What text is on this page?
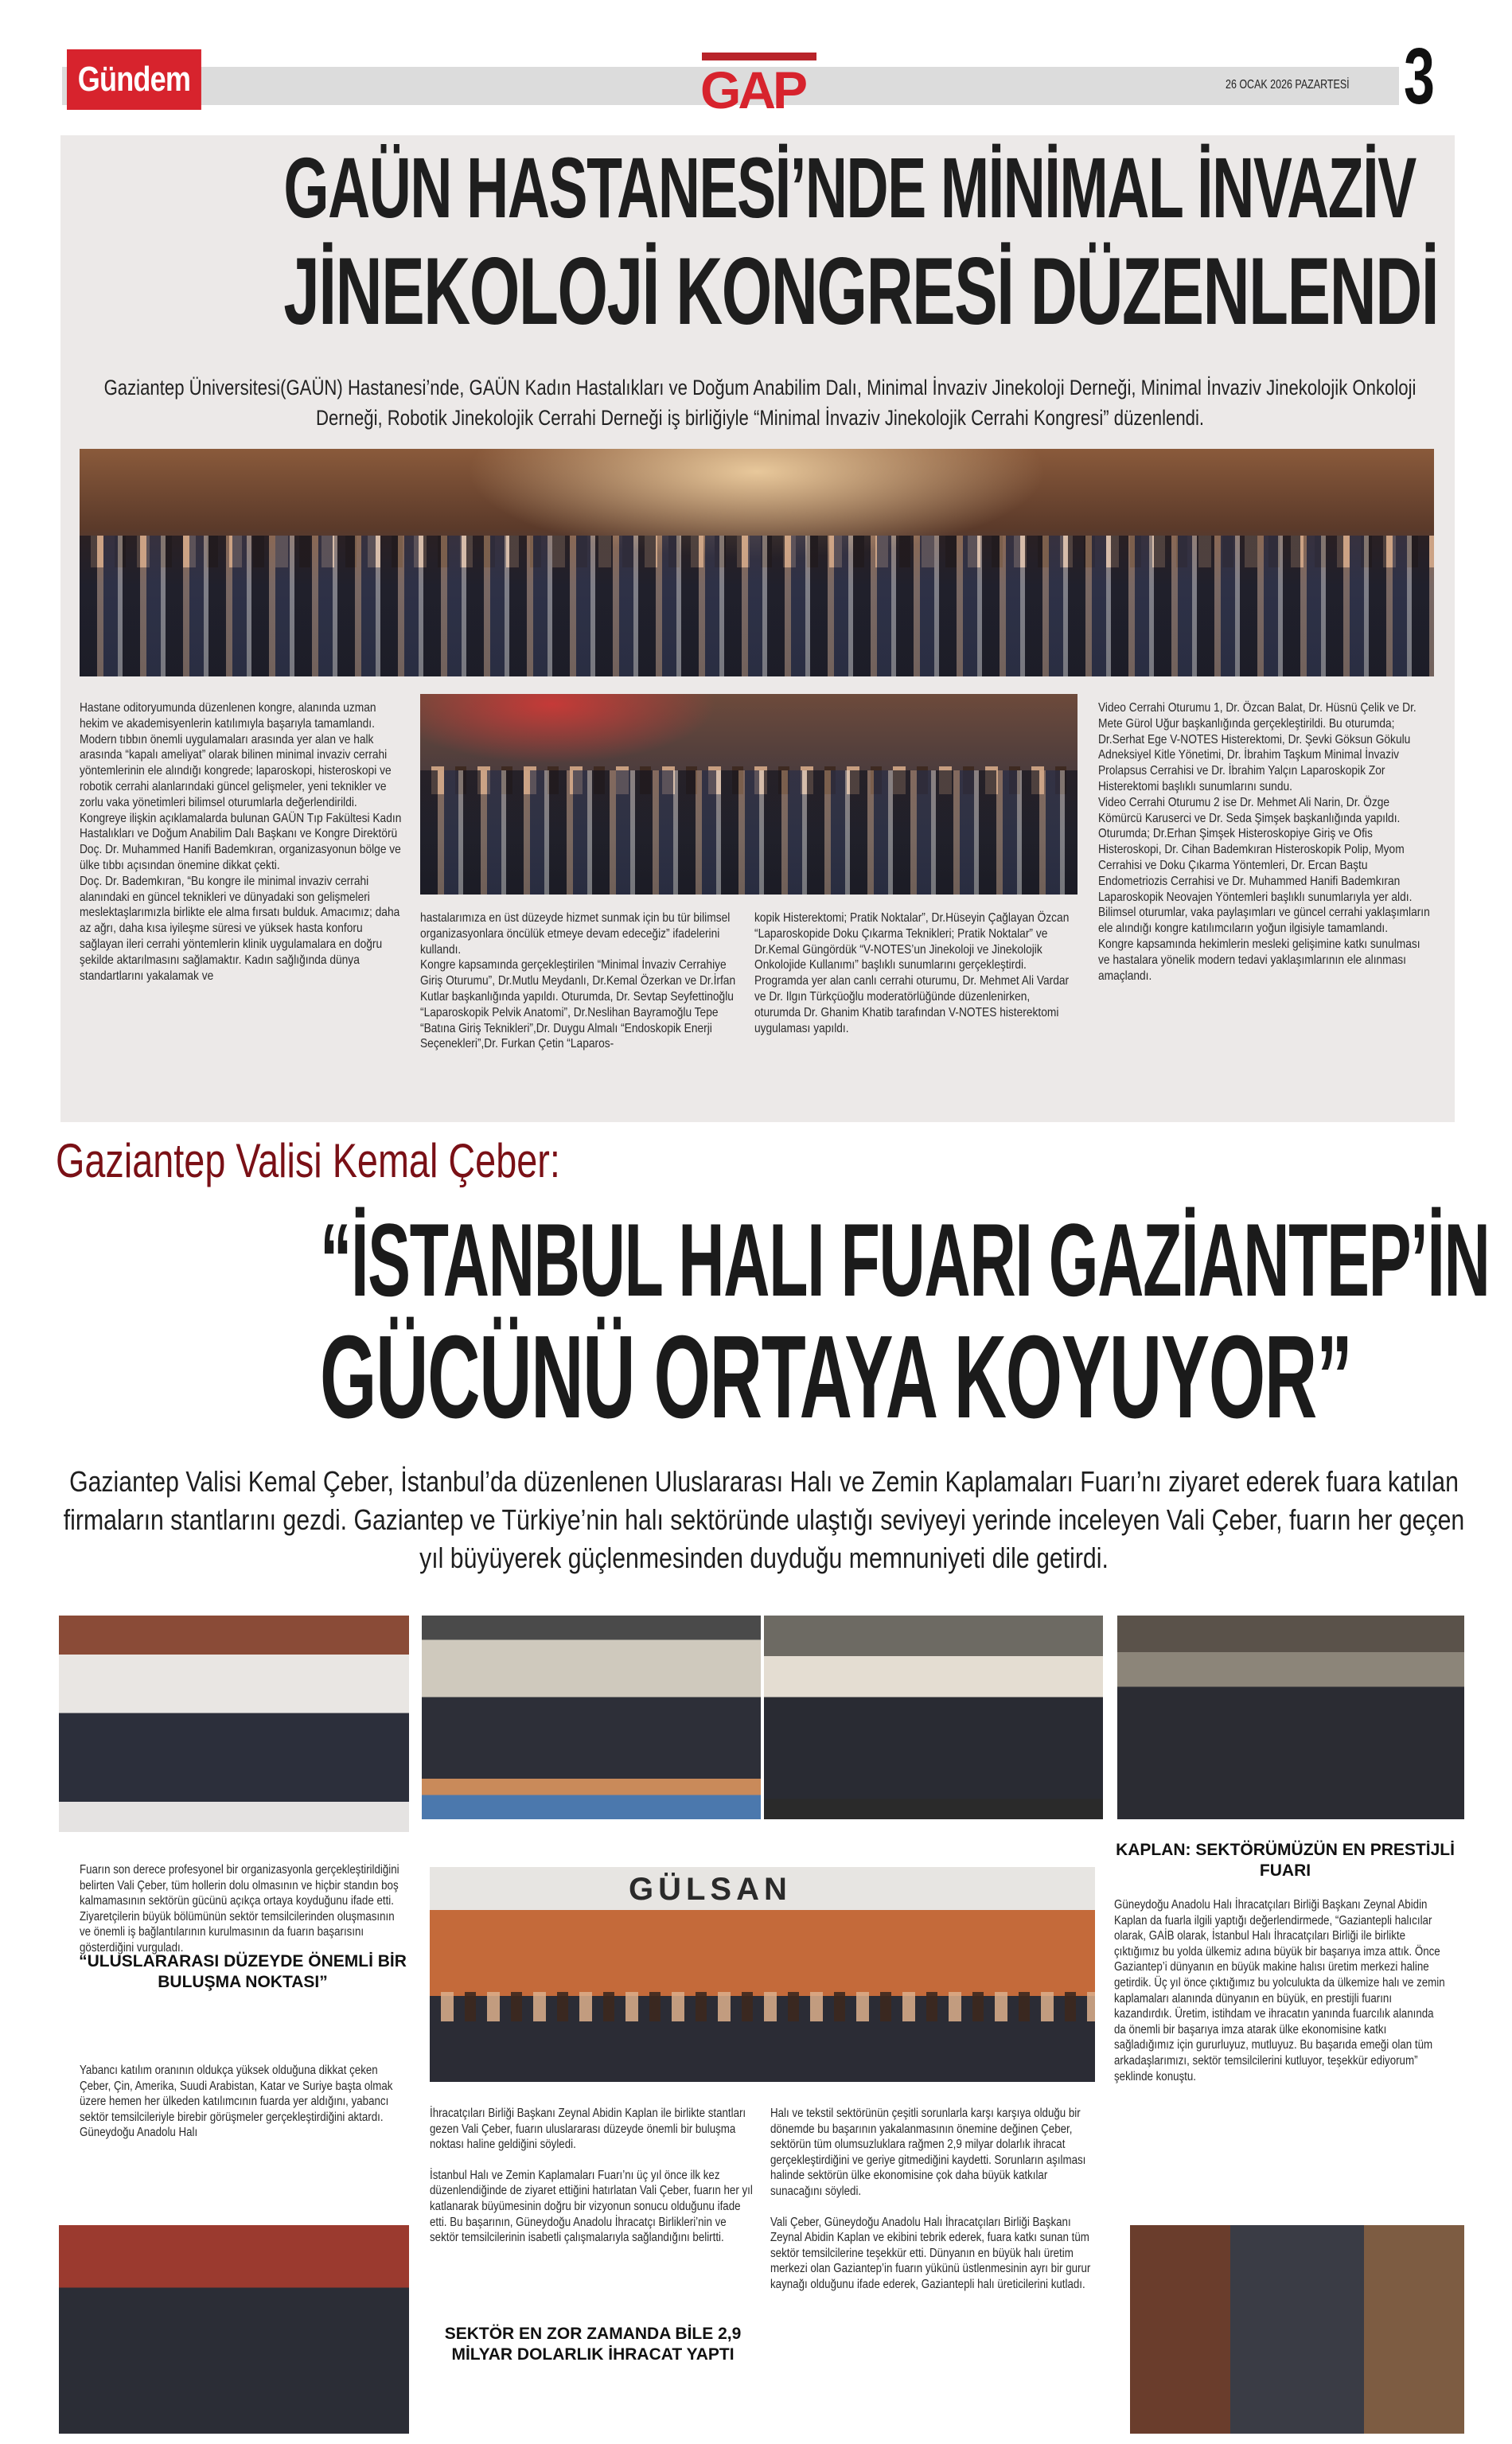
Gündem	GAP	26 OCAK 2026 PAZARTESİ 3
GAÜN HASTANESİ’NDE MİNİMAL İNVAZİV
JİNEKOLOJİ KONGRESİ DÜZENLENDİ
Gaziantep Üniversitesi(GAÜN) Hastanesi’nde, GAÜN Kadın Hastalıkları ve Doğum Anabilim Dalı, Minimal İnvaziv Jinekoloji Derneği, Minimal İnvaziv Jinekolojik Onkoloji Derneği, Robotik Jinekolojik Cerrahi Derneği iş birliğiyle “Minimal İnvaziv Jinekolojik Cerrahi Kongresi” düzenlendi.

Hastane oditoryumunda düzenlenen kongre, alanında uzman hekim ve akademisyenlerin katılımıyla başarıyla tamamlandı.

Modern tıbbın önemli uygulamaları arasında yer alan ve halk arasında “kapalı ameliyat” olarak bilinen minimal invaziv cerrahi yöntemlerinin ele alındığı kongrede; laparoskopi, histeroskopi ve robotik cerrahi alanlarındaki güncel gelişmeler, yeni teknikler ve zorlu vaka yönetimleri bilimsel oturumlarla değerlendirildi.

Kongreye ilişkin açıklamalarda bulunan GAÜN Tıp Fakültesi Kadın Hastalıkları ve Doğum Anabilim Dalı Başkanı ve Kongre Direktörü Doç. Dr. Muhammed Hanifi Bademkıran, organizasyonun bölge ve ülke tıbbı açısından önemine dikkat çekti.

Doç. Dr. Bademkıran, “Bu kongre ile minimal invaziv cerrahi alanındaki en güncel teknikleri ve dünyadaki son gelişmeleri meslektaşlarımızla birlikte ele alma fırsatı bulduk. Amacımız; daha az ağrı, daha kısa iyileşme süresi ve yüksek hasta konforu sağlayan ileri cerrahi yöntemlerin klinik uygulamalara en doğru şekilde aktarılmasını sağlamaktır. Kadın sağlığında dünya standartlarını yakalamak ve

hastalarımıza en üst düzeyde hizmet sunmak için bu tür bilimsel organizasyonlara öncülük etmeye devam edeceğiz” ifadelerini kullandı.

Kongre kapsamında gerçekleştirilen “Minimal İnvaziv Cerrahiye Giriş Oturumu”, Dr.Mutlu Meydanlı, Dr.Kemal Özerkan ve Dr.İrfan Kutlar başkanlığında yapıldı. Oturumda, Dr. Sevtap Seyfettinoğlu “Laparoskopik Pelvik Anatomi”, Dr.Neslihan Bayramoğlu Tepe “Batına Giriş Teknikleri”,Dr. Duygu Almalı “Endoskopik Enerji Seçenekleri”,Dr. Furkan Çetin “Laparos-

kopik Histerektomi; Pratik Noktalar”, Dr.Hüseyin Çağlayan Özcan “Laparoskopide Doku Çıkarma Teknikleri; Pratik Noktalar” ve Dr.Kemal Güngördük “V-NOTES’un Jinekoloji ve Jinekolojik Onkolojide Kullanımı” başlıklı sunumlarını gerçekleştirdi.

Programda yer alan canlı cerrahi oturumu, Dr. Mehmet Ali Vardar ve Dr. Ilgın Türkçüoğlu moderatörlüğünde düzenlenirken, oturumda Dr. Ghanim Khatib tarafından V-NOTES histerektomi uygulaması yapıldı.

Video Cerrahi Oturumu 1, Dr. Özcan Balat, Dr. Hüsnü Çelik ve Dr. Mete Gürol Uğur başkanlığında gerçekleştirildi. Bu oturumda; Dr.Serhat Ege V-NOTES Histerektomi, Dr. Şevki Göksun Gökulu Adneksiyel Kitle Yönetimi, Dr. İbrahim Taşkum Minimal İnvaziv Prolapsus Cerrahisi ve Dr. İbrahim Yalçın Laparoskopik Zor Histerektomi başlıklı sunumlarını sundu.

Video Cerrahi Oturumu 2 ise Dr. Mehmet Ali Narin, Dr. Özge Kömürcü Karuserci ve Dr. Seda Şimşek başkanlığında yapıldı. Oturumda; Dr.Erhan Şimşek Histeroskopiye Giriş ve Ofis Histeroskopi, Dr. Cihan Bademkıran Histeroskopik Polip, Myom Cerrahisi ve Doku Çıkarma Yöntemleri, Dr. Ercan Baştu Endometriozis Cerrahisi ve Dr. Muhammed Hanifi Bademkıran Laparoskopik Neovajen Yöntemleri başlıklı sunumlarıyla yer aldı.

Bilimsel oturumlar, vaka paylaşımları ve güncel cerrahi yaklaşımların ele alındığı kongre katılımcıların yoğun ilgisiyle tamamlandı.

Kongre kapsamında hekimlerin mesleki gelişimine katkı sunulması ve hastalara yönelik modern tedavi yaklaşımlarının ele alınması amaçlandı.

Gaziantep Valisi Kemal Çeber:
“İSTANBUL HALI FUARI GAZİANTEP’İN
GÜCÜNÜ ORTAYA KOYUYOR”
Gaziantep Valisi Kemal Çeber, İstanbul’da düzenlenen Uluslararası Halı ve Zemin Kaplamaları Fuarı’nı ziyaret ederek fuara katılan firmaların stantlarını gezdi. Gaziantep ve Türkiye’nin halı sektöründe ulaştığı seviyeyi yerinde inceleyen Vali Çeber, fuarın her geçen yıl büyüyerek güçlenmesinden duyduğu memnuniyeti dile getirdi.

Fuarın son derece profesyonel bir organizasyonla gerçekleştirildiğini belirten Vali Çeber, tüm hollerin dolu olmasının ve hiçbir standın boş kalmamasının sektörün gücünü açıkça ortaya koyduğunu ifade etti. Ziyaretçilerin büyük bölümünün sektör temsilcilerinden oluşmasının ve önemli iş bağlantılarının kurulmasının da fuarın başarısını gösterdiğini vurguladı.

“ULUSLARARASI DÜZEYDE ÖNEMLİ BİR BULUŞMA NOKTASI”

Yabancı katılım oranının oldukça yüksek olduğuna dikkat çeken Çeber, Çin, Amerika, Suudi Arabistan, Katar ve Suriye başta olmak üzere hemen her ülkeden katılımcının fuarda yer aldığını, yabancı sektör temsilcileriyle birebir görüşmeler gerçekleştirdiğini aktardı. Güneydoğu Anadolu Halı

GÜLSAN

İhracatçıları Birliği Başkanı Zeynal Abidin Kaplan ile birlikte stantları gezen Vali Çeber, fuarın uluslararası düzeyde önemli bir buluşma noktası haline geldiğini söyledi.

İstanbul Halı ve Zemin Kaplamaları Fuarı’nı üç yıl önce ilk kez düzenlendiğinde de ziyaret ettiğini hatırlatan Vali Çeber, fuarın her yıl katlanarak büyümesinin doğru bir vizyonun sonucu olduğunu ifade etti. Bu başarının, Güneydoğu Anadolu İhracatçı Birlikleri’nin ve sektör temsilcilerinin isabetli çalışmalarıyla sağlandığını belirtti.

SEKTÖR EN ZOR ZAMANDA BİLE 2,9 MİLYAR DOLARLIK İHRACAT YAPTI

Halı ve tekstil sektörünün çeşitli sorunlarla karşı karşıya olduğu bir dönemde bu başarının yakalanmasının önemine değinen Çeber, sektörün tüm olumsuzluklara rağmen 2,9 milyar dolarlık ihracat gerçekleştirdiğini ve geriye gitmediğini kaydetti. Sorunların aşılması halinde sektörün ülke ekonomisine çok daha büyük katkılar sunacağını söyledi.

Vali Çeber, Güneydoğu Anadolu Halı İhracatçıları Birliği Başkanı Zeynal Abidin Kaplan ve ekibini tebrik ederek, fuara katkı sunan tüm sektör temsilcilerine teşekkür etti. Dünyanın en büyük halı üretim merkezi olan Gaziantep’in fuarın yükünü üstlenmesinin ayrı bir gurur kaynağı olduğunu ifade ederek, Gaziantepli halı üreticilerini kutladı.

KAPLAN: SEKTÖRÜMÜZÜN EN PRESTİJLİ FUARI

Güneydoğu Anadolu Halı İhracatçıları Birliği Başkanı Zeynal Abidin Kaplan da fuarla ilgili yaptığı değerlendirmede, “Gaziantepli halıcılar olarak, GAİB olarak, İstanbul Halı İhracatçıları Birliği ile birlikte çıktığımız bu yolda ülkemiz adına büyük bir başarıya imza attık. Önce Gaziantep’i dünyanın en büyük makine halısı üretim merkezi haline getirdik. Üç yıl önce çıktığımız bu yolculukta da ülkemize halı ve zemin kaplamaları alanında dünyanın en büyük, en prestijli fuarını kazandırdık. Üretim, istihdam ve ihracatın yanında fuarcılık alanında da önemli bir başarıya imza atarak ülke ekonomisine katkı sağladığımız için gururluyuz, mutluyuz. Bu başarıda emeği olan tüm arkadaşlarımızı, sektör temsilcilerini kutluyor, teşekkür ediyorum” şeklinde konuştu.
